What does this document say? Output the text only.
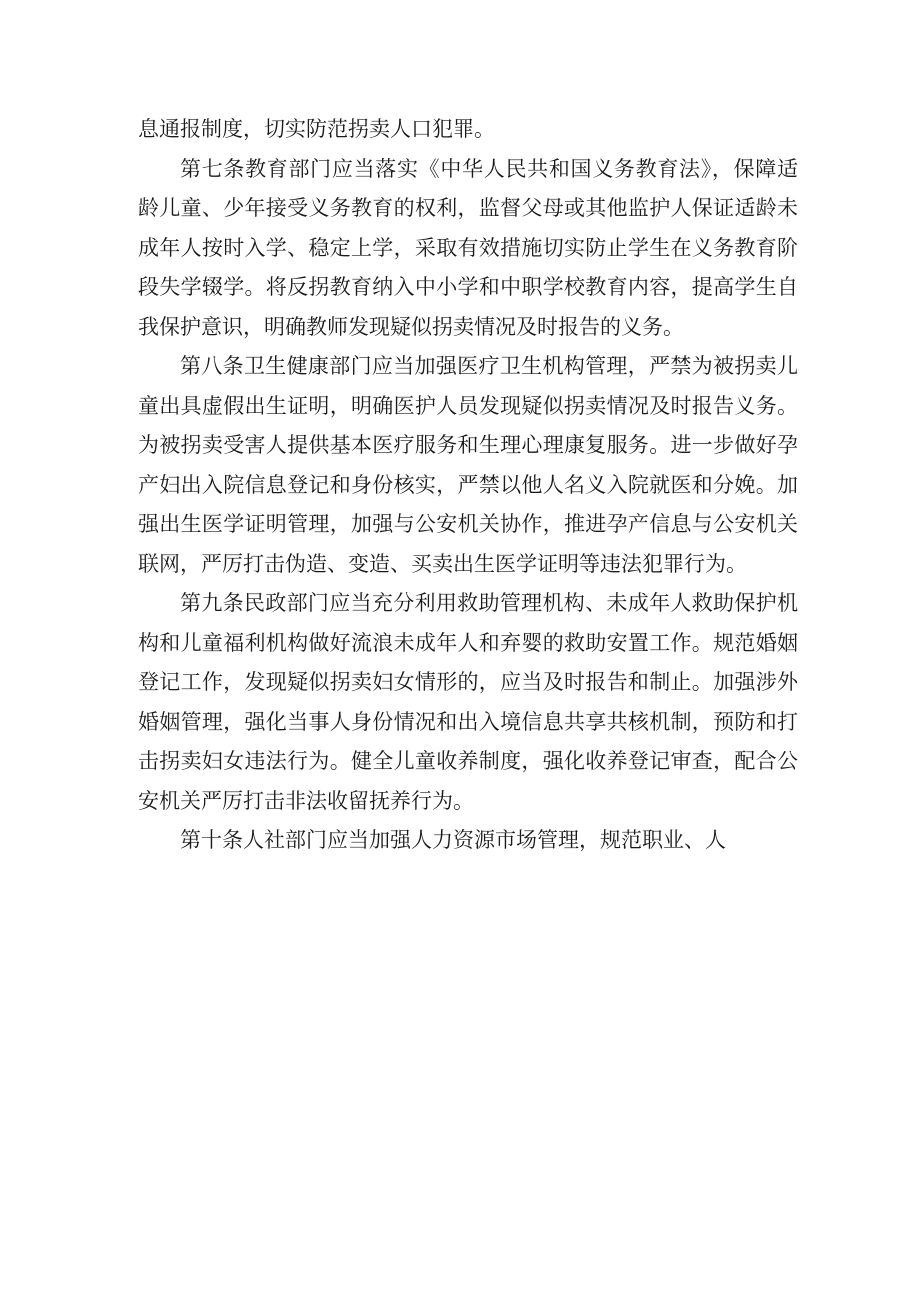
息通报制度，切实防范拐卖人口犯罪。

第七条教育部门应当落实《中华人民共和国义务教育法》，保障适龄儿童、少年接受义务教育的权利，监督父母或其他监护人保证适龄未成年人按时入学、稳定上学，采取有效措施切实防止学生在义务教育阶段失学辍学。将反拐教育纳入中小学和中职学校教育内容，提高学生自我保护意识，明确教师发现疑似拐卖情况及时报告的义务。

第八条卫生健康部门应当加强医疗卫生机构管理，严禁为被拐卖儿童出具虚假出生证明，明确医护人员发现疑似拐卖情况及时报告义务。为被拐卖受害人提供基本医疗服务和生理心理康复服务。进一步做好孕产妇出入院信息登记和身份核实，严禁以他人名义入院就医和分娩。加强出生医学证明管理，加强与公安机关协作，推进孕产信息与公安机关联网，严厉打击伪造、变造、买卖出生医学证明等违法犯罪行为。

第九条民政部门应当充分利用救助管理机构、未成年人救助保护机构和儿童福利机构做好流浪未成年人和弃婴的救助安置工作。规范婚姻登记工作，发现疑似拐卖妇女情形的，应当及时报告和制止。加强涉外婚姻管理，强化当事人身份情况和出入境信息共享共核机制，预防和打击拐卖妇女违法行为。健全儿童收养制度，强化收养登记审查，配合公安机关严厉打击非法收留抚养行为。

第十条人社部门应当加强人力资源市场管理，规范职业、人
